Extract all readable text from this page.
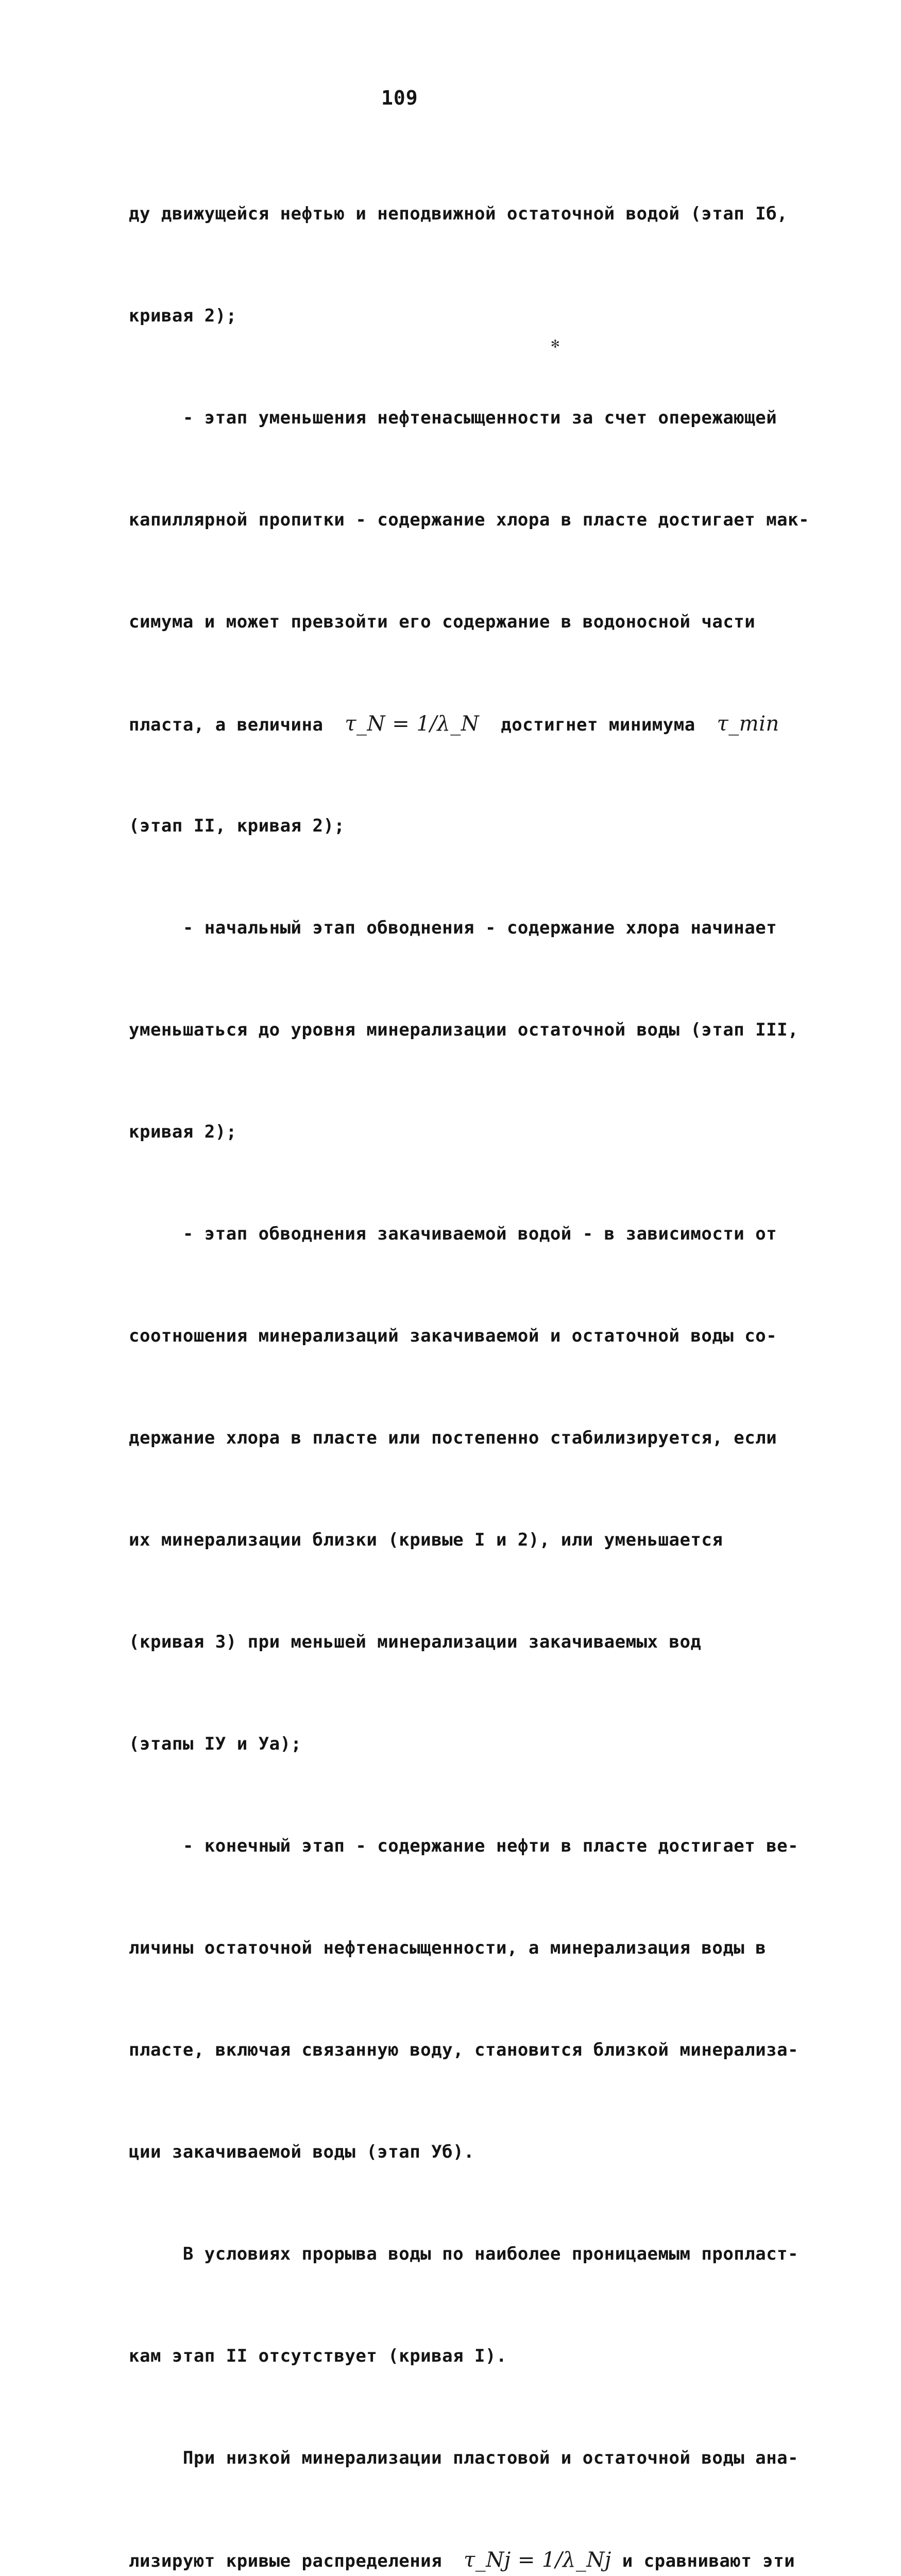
109

ду движущейся нефтью и неподвижной остаточной водой (этап Iб,

кривая 2);

- этап уменьшения нефтенасыщенности за счет опережающей

капиллярной пропитки - содержание хлора в пласте достигает мак-

симума и может превзойти его содержание в водоносной части

пласта, а величина τ_N = 1/λ_N  достигнет минимума τ_min

(этап II, кривая 2);

- начальный этап обводнения - содержание хлора начинает

уменьшаться до уровня минерализации остаточной воды (этап III,

кривая 2);

- этап обводнения закачиваемой водой - в зависимости от

соотношения минерализаций закачиваемой и остаточной воды со-

держание хлора в пласте или постепенно стабилизируется, если

их минерализации близки (кривые I и 2), или уменьшается

(кривая 3) при меньшей минерализации закачиваемых вод

(этапы IУ и Уа);

- конечный этап - содержание нефти в пласте достигает ве-

личины остаточной нефтенасыщенности, а минерализация воды в

пласте, включая связанную воду, становится близкой минерализа-

ции закачиваемой воды (этап Уб).

В условиях прорыва воды по наиболее проницаемым пропласт-

кам этап II отсутствует (кривая I).

При низкой минерализации пластовой и остаточной воды ана-

лизируют кривые распределения τ_Nj = 1/λ_Nj и сравнивают эти

✻
